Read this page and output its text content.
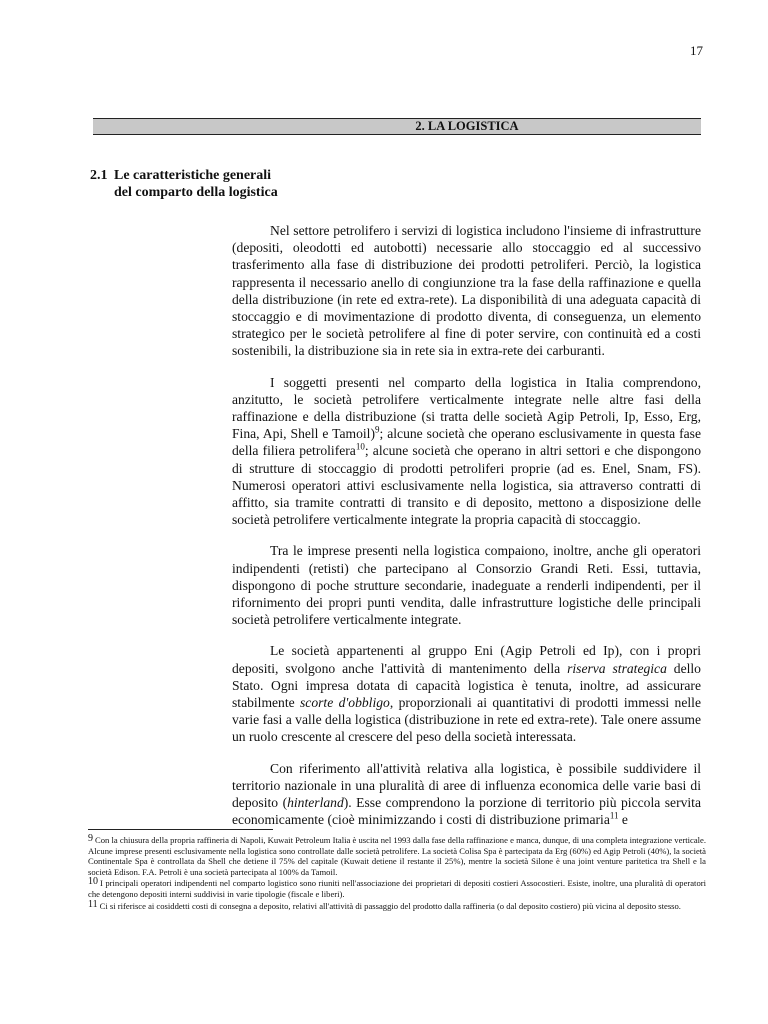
17
2. LA LOGISTICA
2.1 Le caratteristiche generali del comparto della logistica

Nel settore petrolifero i servizi di logistica includono l'insieme di infrastrutture (depositi, oleodotti ed autobotti) necessarie allo stoccaggio ed al successivo trasferimento alla fase di distribuzione dei prodotti petroliferi. Perciò, la logistica rappresenta il necessario anello di congiunzione tra la fase della raffinazione e quella della distribuzione (in rete ed extra-rete). La disponibilità di una adeguata capacità di stoccaggio e di movimentazione di prodotto diventa, di conseguenza, un elemento strategico per le società petrolifere al fine di poter servire, con continuità ed a costi sostenibili, la distribuzione sia in rete sia in extra-rete dei carburanti.

I soggetti presenti nel comparto della logistica in Italia comprendono, anzitutto, le società petrolifere verticalmente integrate nelle altre fasi della raffinazione e della distribuzione (si tratta delle società Agip Petroli, Ip, Esso, Erg, Fina, Api, Shell e Tamoil)$^9$; alcune società che operano esclusivamente in questa fase della filiera petrolifera$^{10}$; alcune società che operano in altri settori e che dispongono di strutture di stoccaggio di prodotti petroliferi proprie (ad es. Enel, Snam, FS). Numerosi operatori attivi esclusivamente nella logistica, sia attraverso contratti di affitto, sia tramite contratti di transito e di deposito, mettono a disposizione delle società petrolifere verticalmente integrate la propria capacità di stoccaggio.

Tra le imprese presenti nella logistica compaiono, inoltre, anche gli operatori indipendenti (retisti) che partecipano al Consorzio Grandi Reti. Essi, tuttavia, dispongono di poche strutture secondarie, inadeguate a renderli indipendenti, per il rifornimento dei propri punti vendita, dalle infrastrutture logistiche delle principali società petrolifere verticalmente integrate.

Le società appartenenti al gruppo Eni (Agip Petroli ed Ip), con i propri depositi, svolgono anche l'attività di mantenimento della riserva strategica dello Stato. Ogni impresa dotata di capacità logistica è tenuta, inoltre, ad assicurare stabilmente scorte d'obbligo, proporzionali ai quantitativi di prodotti immessi nelle varie fasi a valle della logistica (distribuzione in rete ed extra-rete). Tale onere assume un ruolo crescente al crescere del peso della società interessata.

Con riferimento all'attività relativa alla logistica, è possibile suddividere il territorio nazionale in una pluralità di aree di influenza economica delle varie basi di deposito (hinterland). Esse comprendono la porzione di territorio più piccola servita economicamente (cioè minimizzando i costi di distribuzione primaria$^{11}$ e

9 Con la chiusura della propria raffineria di Napoli, Kuwait Petroleum Italia è uscita nel 1993 dalla fase della raffinazione e manca, dunque, di una completa integrazione verticale. Alcune imprese presenti esclusivamente nella logistica sono controllate dalle società petrolifere. La società Colisa Spa è partecipata da Erg (60%) ed Agip Petroli (40%), la società Continentale Spa è controllata da Shell che detiene il 75% del capitale (Kuwait detiene il restante il 25%), mentre la società Silone è una joint venture paritetica tra Shell e la società Edison. F.A. Petroli è una società partecipata al 100% da Tamoil.

10 I principali operatori indipendenti nel comparto logistico sono riuniti nell'associazione dei proprietari di depositi costieri Assocostieri. Esiste, inoltre, una pluralità di operatori che detengono depositi interni suddivisi in varie tipologie (fiscale e liberi).

11 Ci si riferisce ai cosiddetti costi di consegna a deposito, relativi all'attività di passaggio del prodotto dalla raffineria (o dal deposito costiero) più vicina al deposito stesso.
